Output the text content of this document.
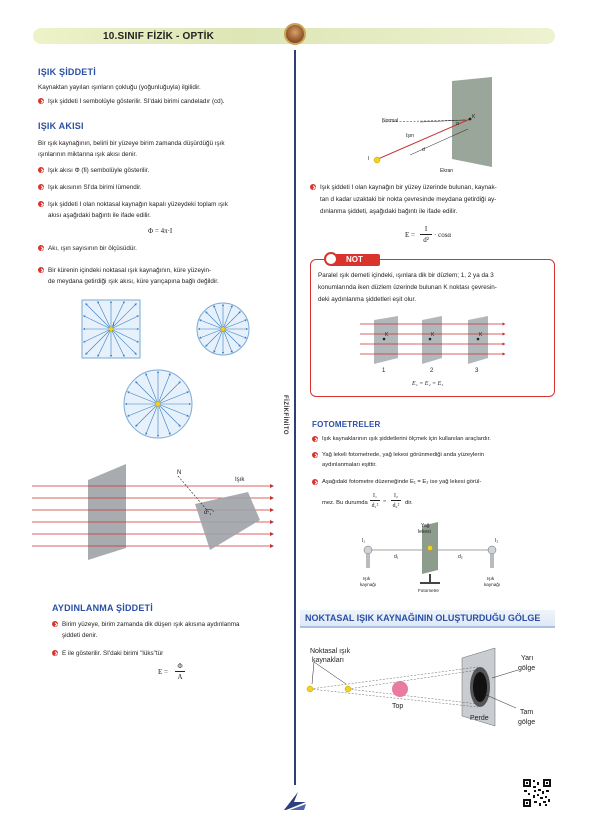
10.SINIF FİZİK - OPTİK
FİZİKFİNİTO
IŞIK ŞİDDETİ
Kaynaktan yayılan ışınların çokluğu (yoğunluğuyla) ilgilidir.
Işık şiddeti I sembolüyle gösterilir. SI'daki birimi candeladır (cd).
IŞIK AKISI
Bir ışık kaynağının, belirli bir yüzeye birim zamanda düşürdüğü ışık
ışınlarının miktarına ışık akısı denir.
Işık akısı Φ (fi) sembolüyle gösterilir.
Işık akısının SI'da birimi lümendir.
Işık şiddeti I olan noktasal kaynağın kapalı yüzeydeki toplam ışık
akısı aşağıdaki bağıntı ile ifade edilir.
Φ = 4π·I
Akı, ışın sayısının bir ölçüsüdür.
Bir kürenin içindeki noktasal ışık kaynağının, küre yüzeyin-
de meydana getirdiği ışık akısı, küre yarıçapına bağlı değildir.
I
N
Işık
α
AYDINLANMA ŞİDDETİ
Birim yüzeye, birim zamanda dik düşen ışık akısına aydınlanma
şiddeti denir.
E ile gösterilir. SI'daki birimi "lüks"tür
E =
Φ
A
Normal
Işın
d
Ekran
K
α
I
Işık şiddeti I olan kaynağın bir yüzey üzerinde bulunan, kaynak-
tan d kadar uzaktaki bir nokta çevresinde meydana getirdiği ay-
dınlanma şiddeti, aşağıdaki bağıntı ile ifade edilir.
E =
I
d²
· cosα
NOT
Paralel ışık demeti içindeki, ışınlara dik bir düzlem; 1, 2 ya da 3
konumlarında iken düzlem üzerinde bulunan K noktası çevresin-
deki aydınlanma şiddetleri eşit olur.
K	K	K
1	2	3
E₁ = E₂ = E₃
FOTOMETRELER
Işık kaynaklarının ışık şiddetlerini ölçmek için kullanılan araçlardır.
Yağ lekeli fotometrede, yağ lekesi görünmediği anda yüzeylerin
aydınlanmaları eşittir.
Aşağıdaki fotometre düzeneğinde E₁ = E₂ ise yağ lekesi görül-
mez. Bu durumda
I₁
d₁²
=
I₂
d₂² dir.
Yağ
lekesi
I₁	I₂
d₁	d₂
Işık
kaynağı
Işık
kaynağı
Fotometre
NOKTASAL IŞIK KAYNAĞININ OLUŞTURDUĞU GÖLGE
Noktasal ışık
kaynakları
Top
Perde
Yarı
gölge
Tam
gölge
